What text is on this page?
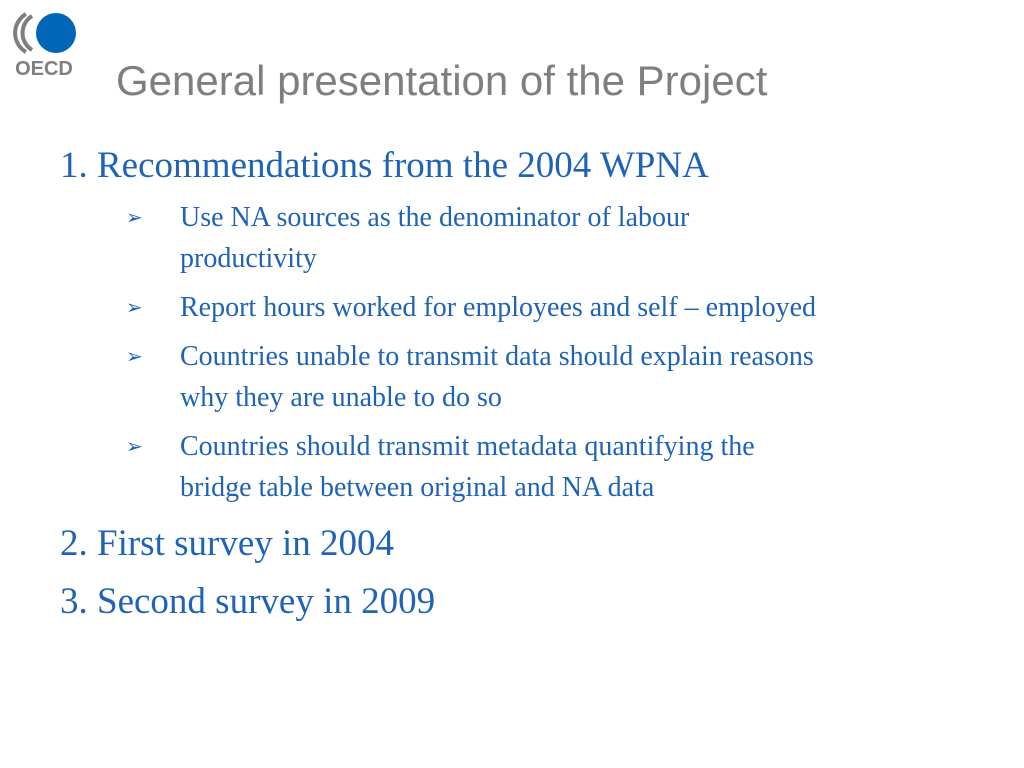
OECD General presentation of the Project

1. Recommendations from the 2004 WPNA

➢ Use NA sources as the denominator of labour productivity
➢ Report hours worked for employees and self – employed
➢ Countries unable to transmit data should explain reasons why they are unable to do so
➢ Countries should transmit metadata quantifying the bridge table between original and NA data

2. First survey in 2004

3. Second survey in 2009
